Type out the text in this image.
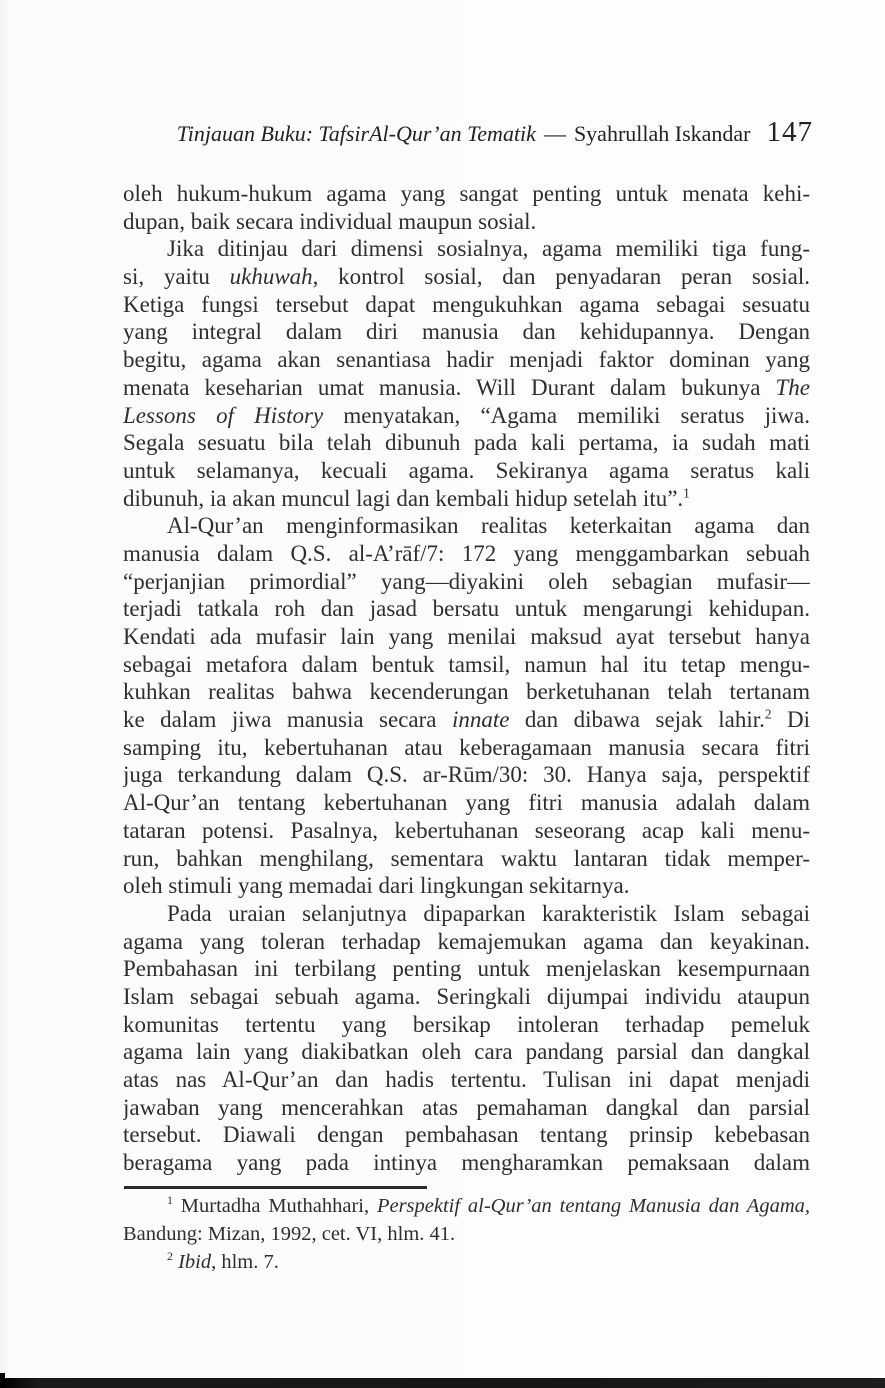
Tinjauan Buku: TafsirAl-Qur’an Tematik — Syahrullah Iskandar 147
oleh hukum-hukum agama yang sangat penting untuk menata kehi-
dupan, baik secara individual maupun sosial.
Jika ditinjau dari dimensi sosialnya, agama memiliki tiga fung-
si, yaitu ukhuwah, kontrol sosial, dan penyadaran peran sosial.
Ketiga fungsi tersebut dapat mengukuhkan agama sebagai sesuatu
yang integral dalam diri manusia dan kehidupannya. Dengan
begitu, agama akan senantiasa hadir menjadi faktor dominan yang
menata keseharian umat manusia. Will Durant dalam bukunya The
Lessons of History menyatakan, “Agama memiliki seratus jiwa.
Segala sesuatu bila telah dibunuh pada kali pertama, ia sudah mati
untuk selamanya, kecuali agama. Sekiranya agama seratus kali
dibunuh, ia akan muncul lagi dan kembali hidup setelah itu”.$^1$
Al-Qur’an menginformasikan realitas keterkaitan agama dan
manusia dalam Q.S. al-A’rāf/7: 172 yang menggambarkan sebuah
“perjanjian primordial” yang—diyakini oleh sebagian mufasir—
terjadi tatkala roh dan jasad bersatu untuk mengarungi kehidupan.
Kendati ada mufasir lain yang menilai maksud ayat tersebut hanya
sebagai metafora dalam bentuk tamsil, namun hal itu tetap mengu-
kuhkan realitas bahwa kecenderungan berketuhanan telah tertanam
ke dalam jiwa manusia secara innate dan dibawa sejak lahir.$^2$ Di
samping itu, kebertuhanan atau keberagamaan manusia secara fitri
juga terkandung dalam Q.S. ar-Rūm/30: 30. Hanya saja, perspektif
Al-Qur’an tentang kebertuhanan yang fitri manusia adalah dalam
tataran potensi. Pasalnya, kebertuhanan seseorang acap kali menu-
run, bahkan menghilang, sementara waktu lantaran tidak memper-
oleh stimuli yang memadai dari lingkungan sekitarnya.
Pada uraian selanjutnya dipaparkan karakteristik Islam sebagai
agama yang toleran terhadap kemajemukan agama dan keyakinan.
Pembahasan ini terbilang penting untuk menjelaskan kesempurnaan
Islam sebagai sebuah agama. Seringkali dijumpai individu ataupun
komunitas tertentu yang bersikap intoleran terhadap pemeluk
agama lain yang diakibatkan oleh cara pandang parsial dan dangkal
atas nas Al-Qur’an dan hadis tertentu. Tulisan ini dapat menjadi
jawaban yang mencerahkan atas pemahaman dangkal dan parsial
tersebut. Diawali dengan pembahasan tentang prinsip kebebasan
beragama yang pada intinya mengharamkan pemaksaan dalam
$^1$ Murtadha Muthahhari, Perspektif al-Qur’an tentang Manusia dan Agama,
Bandung: Mizan, 1992, cet. VI, hlm. 41.
$^2$ Ibid, hlm. 7.
